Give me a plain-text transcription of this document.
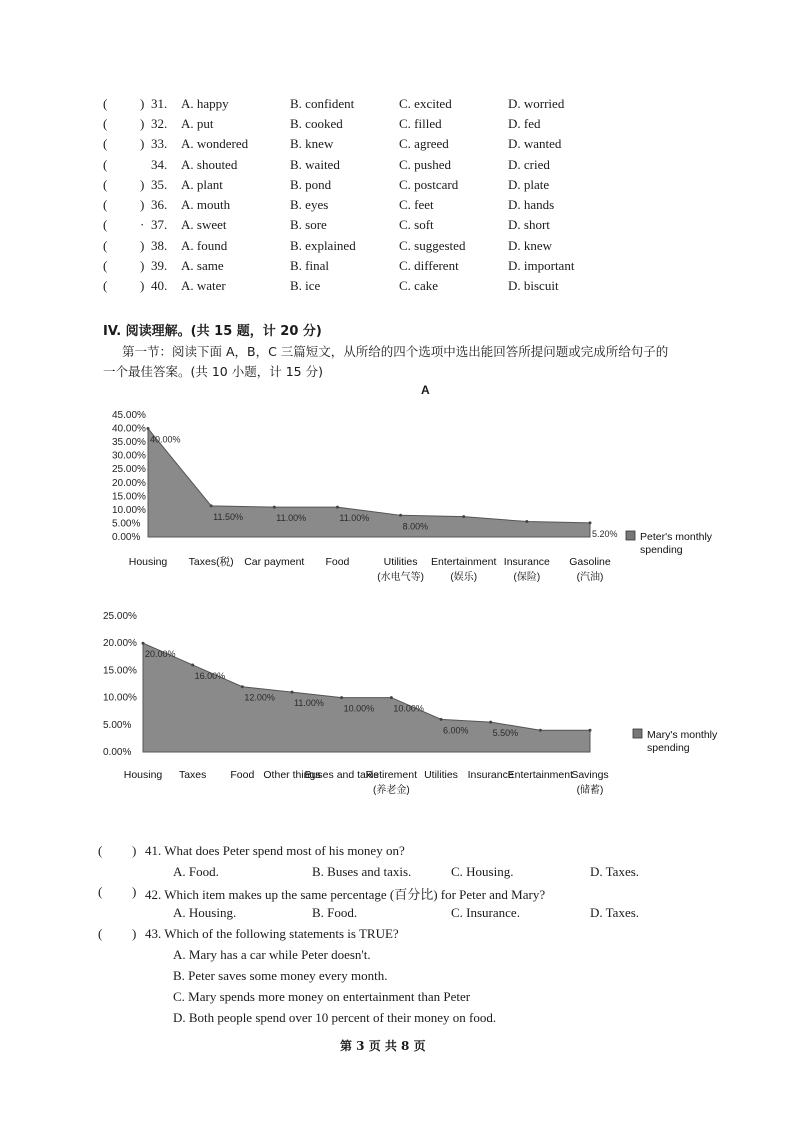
(	) 31. A. happy	B. confident	C. excited	D. worried
(	) 32. A. put	B. cooked	C. filled	D. fed
(	) 33. A. wondered	B. knew	C. agreed	D. wanted
(	34. A. shouted	B. waited	C. pushed	D. cried
(	) 35. A. plant	B. pond	C. postcard	D. plate
(	) 36. A. mouth	B. eyes	C. feet	D. hands
(	· 37. A. sweet	B. sore	C. soft	D. short
(	) 38. A. found	B. explained	C. suggested	D. knew
(	) 39. A. same	B. final	C. different	D. important
(	) 40. A. water	B. ice	C. cake	D. biscuit
IV. 阅读理解。(共 15 题，计 20 分)
第一节：阅读下面 A，B，C 三篇短文，从所给的四个选项中选出能回答所提问题或完成所给句子的
一个最佳答案。(共 10 小题，计 15 分)
A
45.00%
40.00%
35.00%
30.00%
25.00%
20.00%
15.00%
10.00%
5.00%
0.00%
40.00%
11.50%	11.00%	11.00%
8.00%
5.20%
Housing Taxes(税) Car payment Food	Utilities
(水电气等)
Entertainment
(娱乐)
Insurance
(保险)
Gasoline
(汽油)
Peter's monthly spending
25.00%
20.00%
15.00%
10.00%
5.00%
0.00%
20.00%
16.00%
12.00%
11.00%
10.00% 10.00%
6.00%	5.50%
Housing Taxes Food Other things
Buses and taxis
Retirement
(养老金)
Utilities Insurance
Entertainment
Savings
(储蓄)
Mary's monthly spending
( ) 41. What does Peter spend most of his money on?
A. Food.	B. Buses and taxis.	C. Housing.	D. Taxes.
( ) 42. Which item makes up the same percentage (百分比) for Peter and Mary?
A. Housing.	B. Food.	C. Insurance.	D. Taxes.
( ) 43. Which of the following statements is TRUE?
A. Mary has a car while Peter doesn't.
B. Peter saves some money every month.
C. Mary spends more money on entertainment than Peter
D. Both people spend over 10 percent of their money on food.
第 3 页 共 8 页
